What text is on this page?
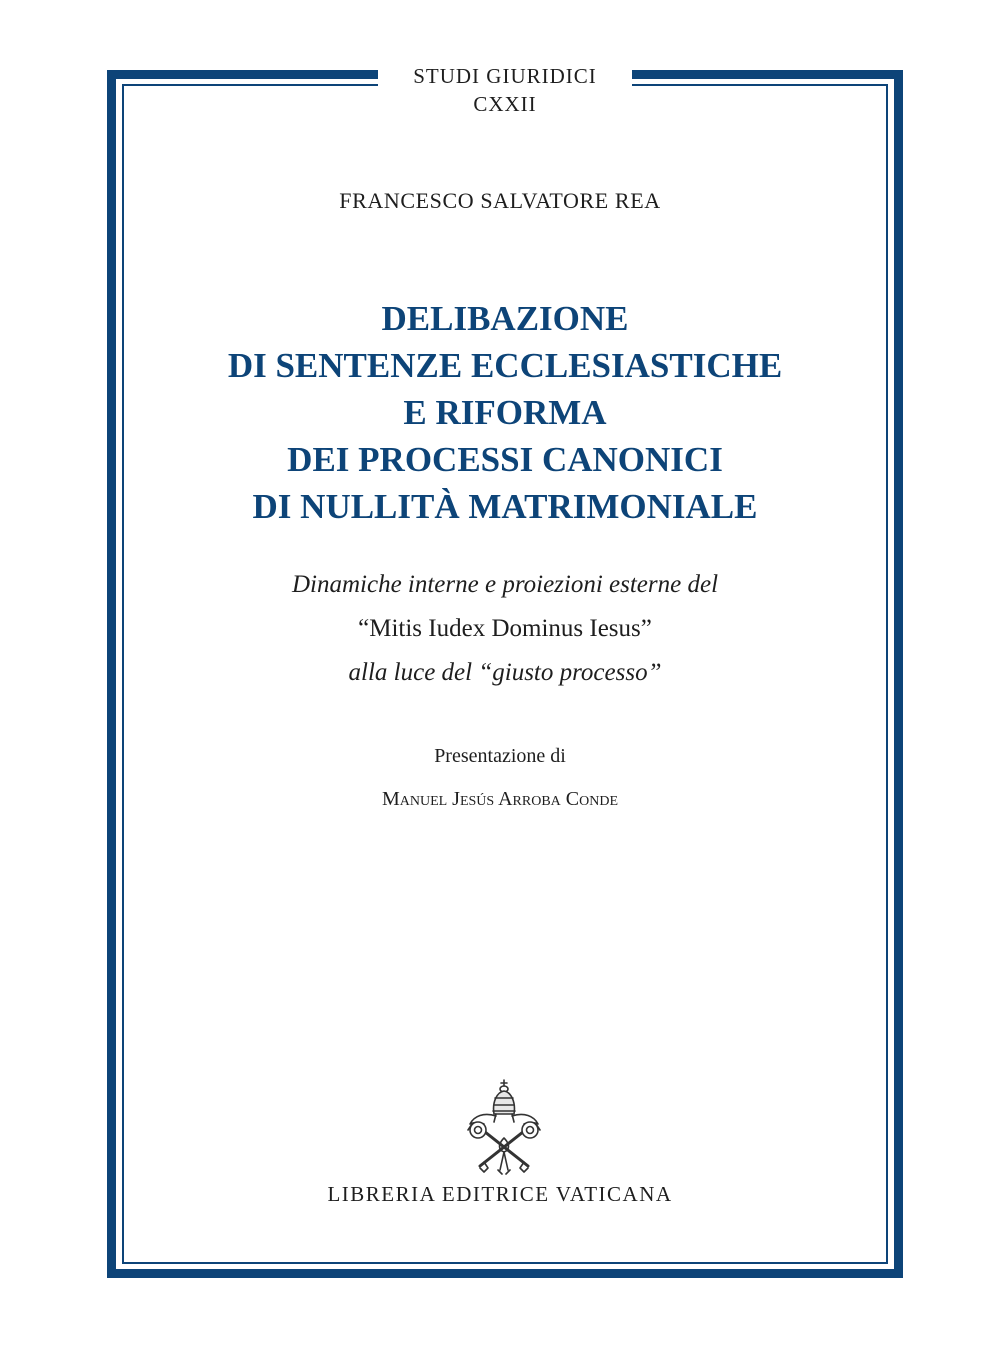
STUDI GIURIDICI
CXXII
FRANCESCO SALVATORE REA
DELIBAZIONE
DI SENTENZE ECCLESIASTICHE
E RIFORMA
DEI PROCESSI CANONICI
DI NULLITÀ MATRIMONIALE
Dinamiche interne e proiezioni esterne del
“Mitis Iudex Dominus Iesus”
alla luce del “giusto processo”
Presentazione di
Manuel Jesús Arroba Conde
LIBRERIA EDITRICE VATICANA
